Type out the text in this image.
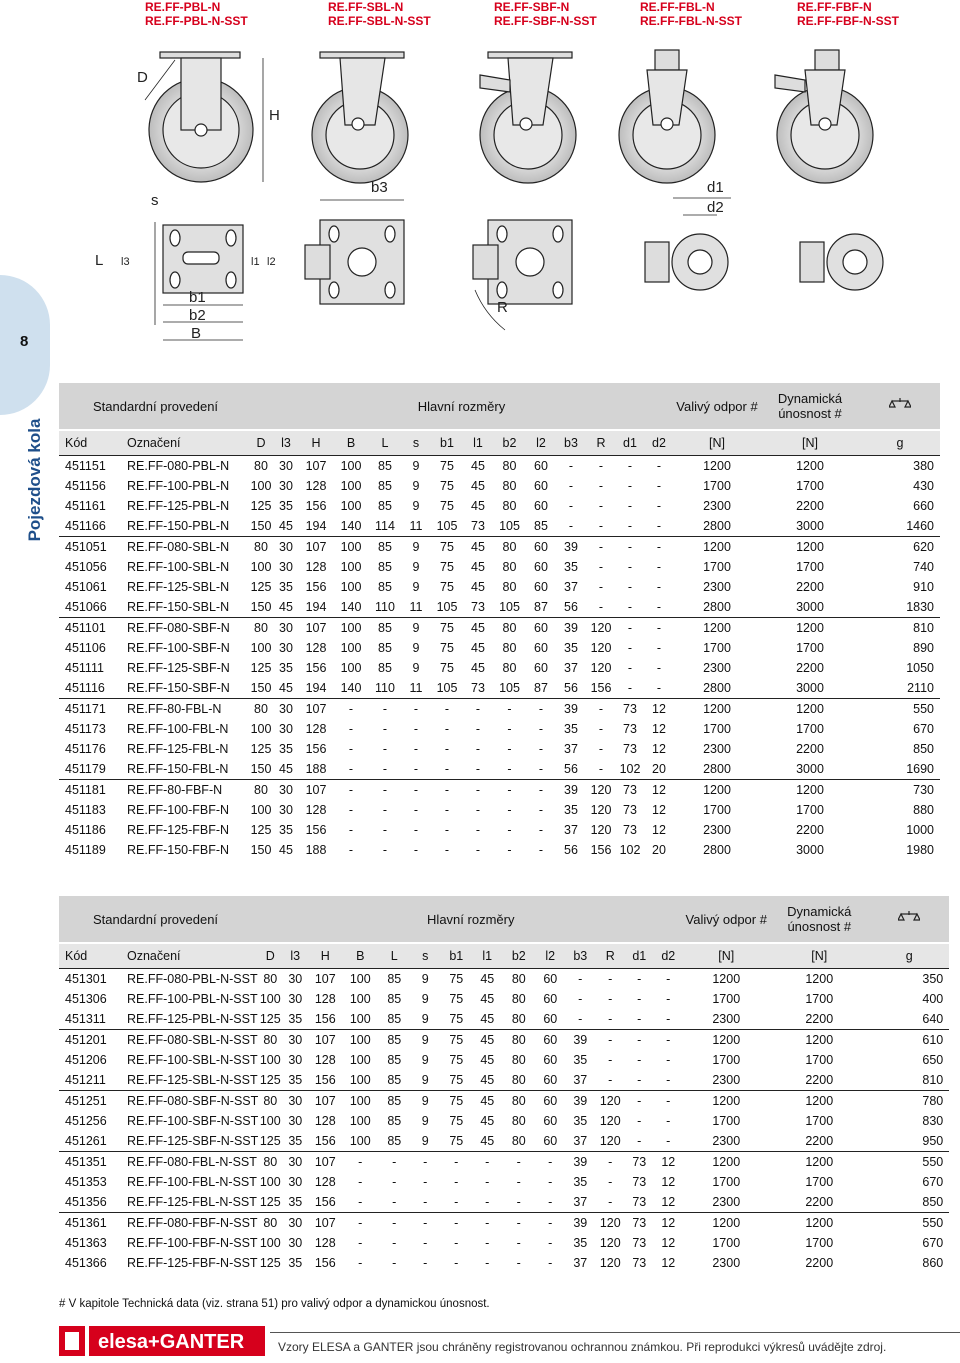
RE.FF-PBL-N
RE.FF-PBL-N-SST
RE.FF-SBL-N
RE.FF-SBL-N-SST
RE.FF-SBF-N
RE.FF-SBF-N-SST
RE.FF-FBL-N
RE.FF-FBL-N-SST
RE.FF-FBF-N
RE.FF-FBF-N-SST
D
H
s
b3	d1
d2
L l3	l1 l2
b1
b2
B
R
8
Pojezdová kola
Standardní provedení		Hlavní rozměry														Valivý odpor #	Dynamická
únosnost #

Kód	Označení	D	l3	H	B	L	s	b1	l1	b2	l2	b3	R	d1	d2	[N]	[N]	g
451151	RE.FF-080-PBL-N	80	30	107	100	85	9	75	45	80	60	-	-	-	-	1200	1200	380
451156	RE.FF-100-PBL-N	100	30	128	100	85	9	75	45	80	60	-	-	-	-	1700	1700	430
451161	RE.FF-125-PBL-N	125	35	156	100	85	9	75	45	80	60	-	-	-	-	2300	2200	660
451166	RE.FF-150-PBL-N	150	45	194	140	114	11	105	73	105	85	-	-	-	-	2800	3000	1460
451051	RE.FF-080-SBL-N	80	30	107	100	85	9	75	45	80	60	39	-	-	-	1200	1200	620
451056	RE.FF-100-SBL-N	100	30	128	100	85	9	75	45	80	60	35	-	-	-	1700	1700	740
451061	RE.FF-125-SBL-N	125	35	156	100	85	9	75	45	80	60	37	-	-	-	2300	2200	910
451066	RE.FF-150-SBL-N	150	45	194	140	110	11	105	73	105	87	56	-	-	-	2800	3000	1830
451101	RE.FF-080-SBF-N	80	30	107	100	85	9	75	45	80	60	39	120	-	-	1200	1200	810
451106	RE.FF-100-SBF-N	100	30	128	100	85	9	75	45	80	60	35	120	-	-	1700	1700	890
451111	RE.FF-125-SBF-N	125	35	156	100	85	9	75	45	80	60	37	120	-	-	2300	2200	1050
451116	RE.FF-150-SBF-N	150	45	194	140	110	11	105	73	105	87	56	156	-	-	2800	3000	2110
451171	RE.FF-80-FBL-N	80	30	107	-	-	-	-	-	-	-	39	-	73	12	1200	1200	550
451173	RE.FF-100-FBL-N	100	30	128	-	-	-	-	-	-	-	35	-	73	12	1700	1700	670
451176	RE.FF-125-FBL-N	125	35	156	-	-	-	-	-	-	-	37	-	73	12	2300	2200	850
451179	RE.FF-150-FBL-N	150	45	188	-	-	-	-	-	-	-	56	-	102	20	2800	3000	1690
451181	RE.FF-80-FBF-N	80	30	107	-	-	-	-	-	-	-	39	120	73	12	1200	1200	730
451183	RE.FF-100-FBF-N	100	30	128	-	-	-	-	-	-	-	35	120	73	12	1700	1700	880
451186	RE.FF-125-FBF-N	125	35	156	-	-	-	-	-	-	-	37	120	73	12	2300	2200	1000
451189	RE.FF-150-FBF-N	150	45	188	-	-	-	-	-	-	-	56	156	102	20	2800	3000	1980
Standardní provedení		Hlavní rozměry														Valivý odpor #	Dynamická
únosnost #

Kód	Označení	D	l3	H	B	L	s	b1	l1	b2	l2	b3	R	d1	d2	[N]	[N]	g
451301	RE.FF-080-PBL-N-SST	80	30	107	100	85	9	75	45	80	60	-	-	-	-	1200	1200	350
451306	RE.FF-100-PBL-N-SST	100	30	128	100	85	9	75	45	80	60	-	-	-	-	1700	1700	400
451311	RE.FF-125-PBL-N-SST	125	35	156	100	85	9	75	45	80	60	-	-	-	-	2300	2200	640
451201	RE.FF-080-SBL-N-SST	80	30	107	100	85	9	75	45	80	60	39	-	-	-	1200	1200	610
451206	RE.FF-100-SBL-N-SST	100	30	128	100	85	9	75	45	80	60	35	-	-	-	1700	1700	650
451211	RE.FF-125-SBL-N-SST	125	35	156	100	85	9	75	45	80	60	37	-	-	-	2300	2200	810
451251	RE.FF-080-SBF-N-SST	80	30	107	100	85	9	75	45	80	60	39	120	-	-	1200	1200	780
451256	RE.FF-100-SBF-N-SST	100	30	128	100	85	9	75	45	80	60	35	120	-	-	1700	1700	830
451261	RE.FF-125-SBF-N-SST	125	35	156	100	85	9	75	45	80	60	37	120	-	-	2300	2200	950
451351	RE.FF-080-FBL-N-SST	80	30	107	-	-	-	-	-	-	-	39	-	73	12	1200	1200	550
451353	RE.FF-100-FBL-N-SST	100	30	128	-	-	-	-	-	-	-	35	-	73	12	1700	1700	670
451356	RE.FF-125-FBL-N-SST	125	35	156	-	-	-	-	-	-	-	37	-	73	12	2300	2200	850
451361	RE.FF-080-FBF-N-SST	80	30	107	-	-	-	-	-	-	-	39	120	73	12	1200	1200	550
451363	RE.FF-100-FBF-N-SST	100	30	128	-	-	-	-	-	-	-	35	120	73	12	1700	1700	670
451366	RE.FF-125-FBF-N-SST	125	35	156	-	-	-	-	-	-	-	37	120	73	12	2300	2200	860
# V kapitole Technická data (viz. strana 51) pro valivý odpor a dynamickou únosnost.
elesa+GANTER	Vzory ELESA a GANTER jsou chráněny registrovanou ochrannou známkou. Při reprodukci výkresů uvádějte zdroj.
